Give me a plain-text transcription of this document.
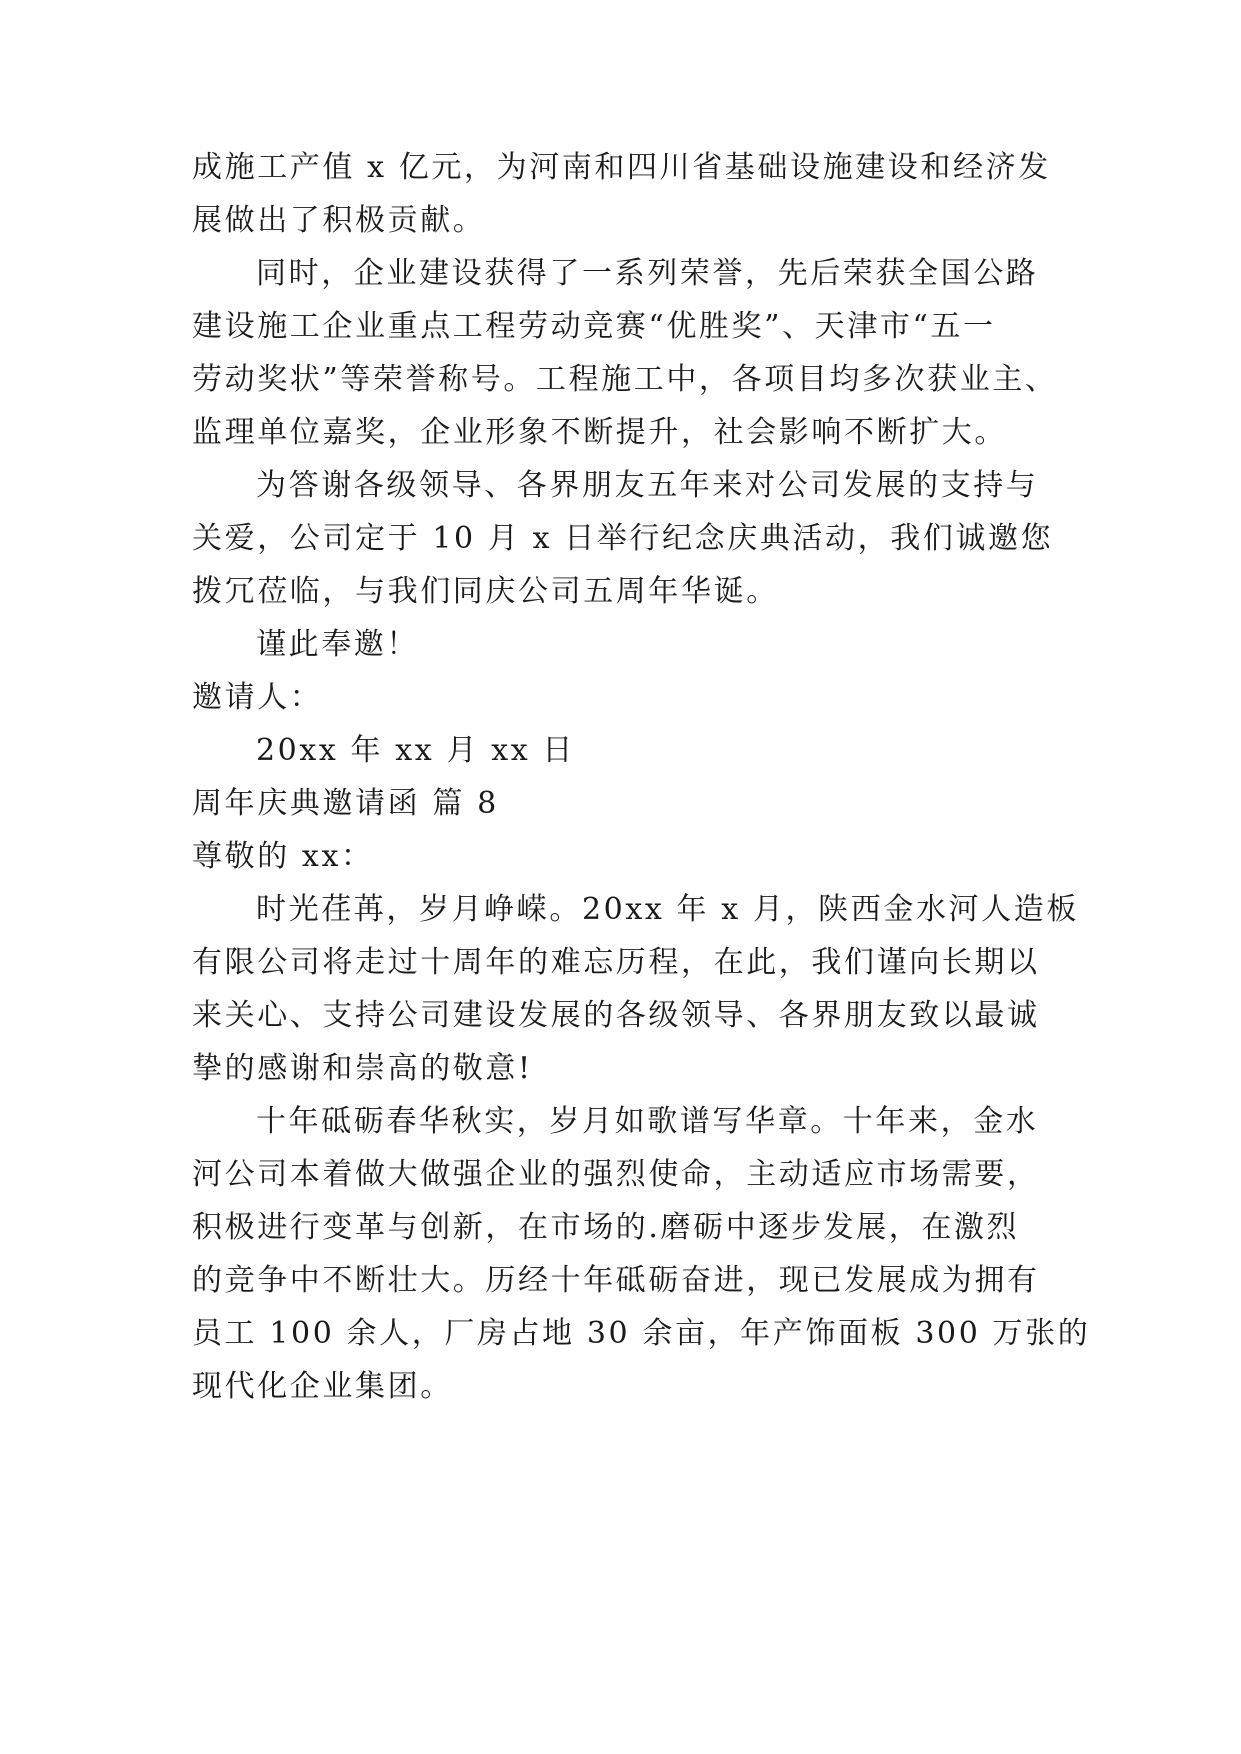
成施工产值 x 亿元，为河南和四川省基础设施建设和经济发
展做出了积极贡献。
同时，企业建设获得了一系列荣誉，先后荣获全国公路
建设施工企业重点工程劳动竞赛“优胜奖”、天津市“五一
劳动奖状”等荣誉称号。工程施工中，各项目均多次获业主、
监理单位嘉奖，企业形象不断提升，社会影响不断扩大。
为答谢各级领导、各界朋友五年来对公司发展的支持与
关爱，公司定于 10 月 x 日举行纪念庆典活动，我们诚邀您
拨冗莅临，与我们同庆公司五周年华诞。
谨此奉邀！
邀请人：
20xx 年 xx 月 xx 日
周年庆典邀请函 篇 8
尊敬的 xx：
时光荏苒，岁月峥嵘。20xx 年 x 月，陕西金水河人造板
有限公司将走过十周年的难忘历程，在此，我们谨向长期以
来关心、支持公司建设发展的各级领导、各界朋友致以最诚
挚的感谢和崇高的敬意!
十年砥砺春华秋实，岁月如歌谱写华章。十年来，金水
河公司本着做大做强企业的强烈使命，主动适应市场需要，
积极进行变革与创新，在市场的.磨砺中逐步发展，在激烈
的竞争中不断壮大。历经十年砥砺奋进，现已发展成为拥有
员工 100 余人，厂房占地 30 余亩，年产饰面板 300 万张的
现代化企业集团。
